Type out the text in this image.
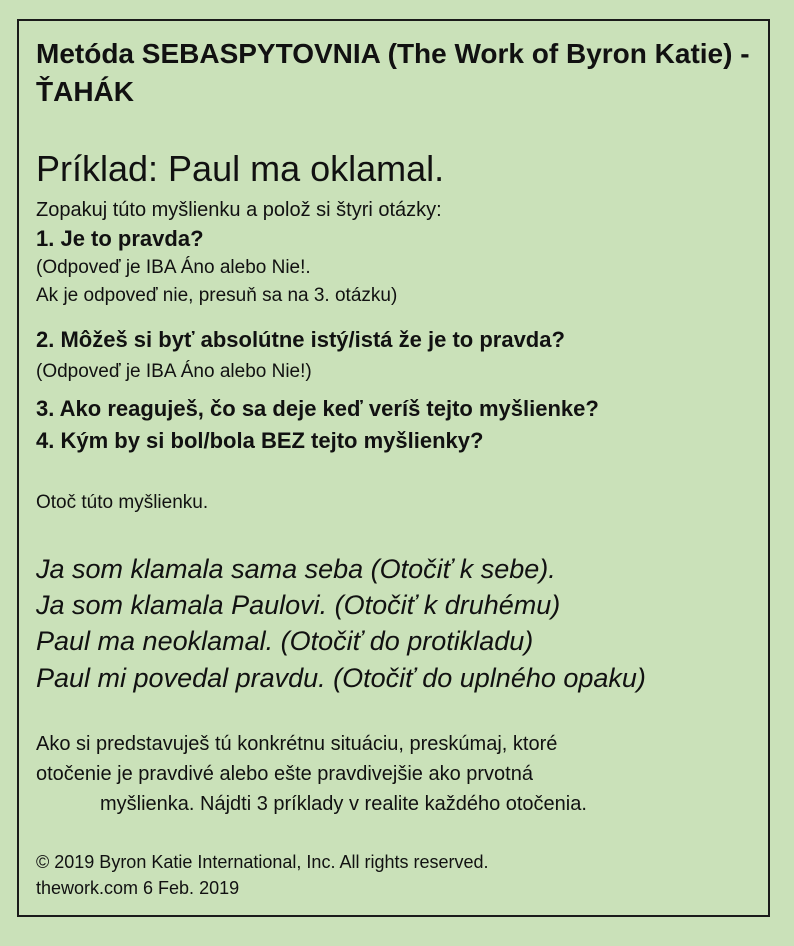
Metóda SEBASPYTOVNIA (The Work of Byron Katie) - ŤAHÁK
Príklad: Paul ma oklamal.
Zopakuj túto myšlienku a polož si štyri otázky:
1. Je to pravda?
(Odpoveď je IBA Áno alebo Nie!.
Ak je odpoveď nie, presuň sa na 3. otázku)
2. Môžeš si byť absolútne istý/istá že je to pravda?
(Odpoveď je IBA Áno alebo Nie!)
3. Ako reaguješ, čo sa deje keď veríš tejto myšlienke?
4. Kým by si bol/bola BEZ tejto myšlienky?
Otoč túto myšlienku.
Ja som klamala sama seba (Otočiť k sebe).
Ja som klamala Paulovi. (Otočiť k druhému)
Paul ma neoklamal. (Otočiť do protikladu)
Paul mi povedal pravdu. (Otočiť do uplného opaku)
Ako si predstavuješ tú konkrétnu situáciu, preskúmaj, ktoré
otočenie je pravdivé alebo ešte pravdivejšie ako prvotná
myšlienka. Nájdti 3 príklady v realite každého otočenia.
© 2019 Byron Katie International, Inc. All rights reserved.
thework.com 6 Feb. 2019
